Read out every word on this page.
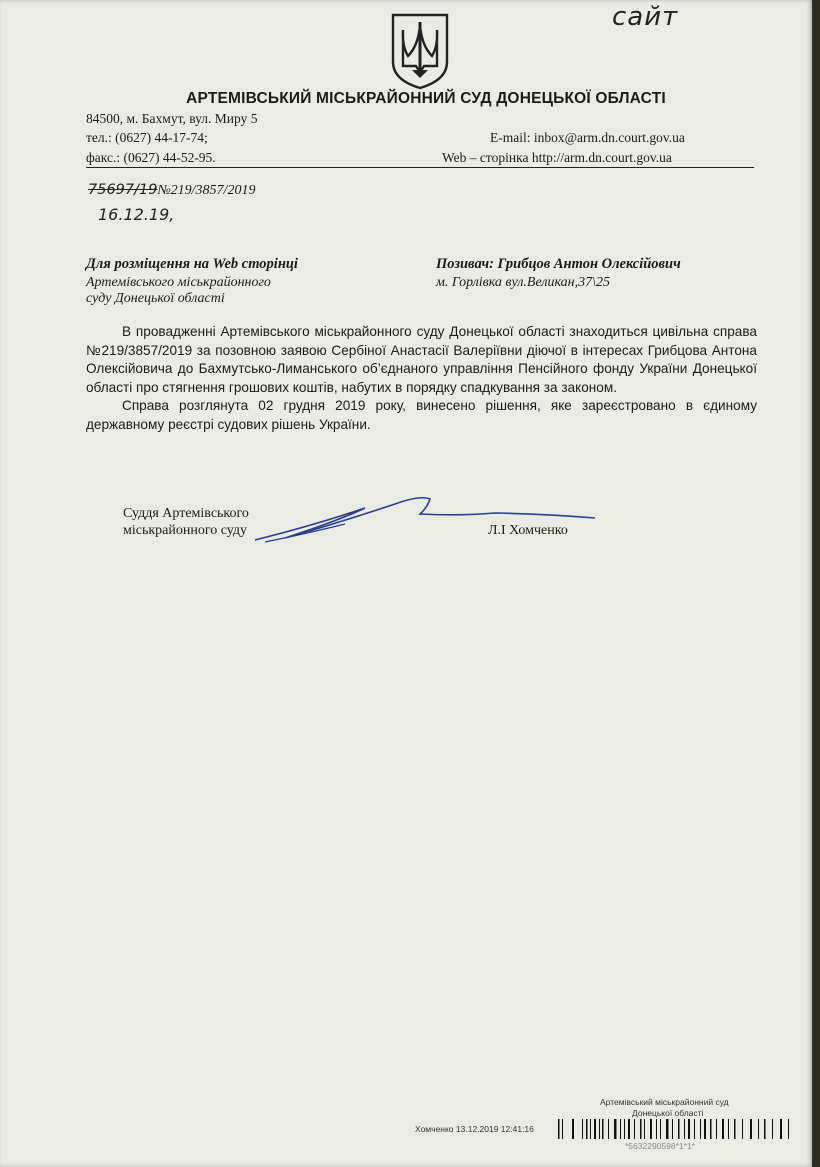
сайт
АРТЕМІВСЬКИЙ МІСЬКРАЙОННИЙ СУД ДОНЕЦЬКОЇ ОБЛАСТІ
84500, м. Бахмут, вул. Миру 5
тел.: (0627) 44-17-74;	E-mail: inbox@arm.dn.court.gov.ua
факс.: (0627) 44-52-95.	Web – сторінка http://arm.dn.court.gov.ua
75697/19№219/3857/2019
16.12.19,
Для розміщення на Web сторінці
Артемівського міськрайонного
суду Донецької області
Позивач: Грибцов Антон Олексійович
м. Горлівка вул.Великан,37\25

В провадженні Артемівського міськрайонного суду Донецької області знаходиться цивільна справа №219/3857/2019 за позовною заявою Сербіної Анастасії Валеріївни діючої в інтересах Грибцова Антона Олексійовича до Бахмутсько-Лиманського об’єднаного управління Пенсійного фонду України Донецької області про стягнення грошових коштів, набутих в порядку спадкування за законом.

Справа розглянута 02 грудня 2019 року, винесено рішення, яке зареєстровано в єдиному державному реєстрі судових рішень України.

Суддя Артемівського
міськрайонного суду	Л.І Хомченко
Артемівський міськрайонний суд
Донецької області
Хомченко 13.12.2019 12:41:16
*5632290598*1*1*
